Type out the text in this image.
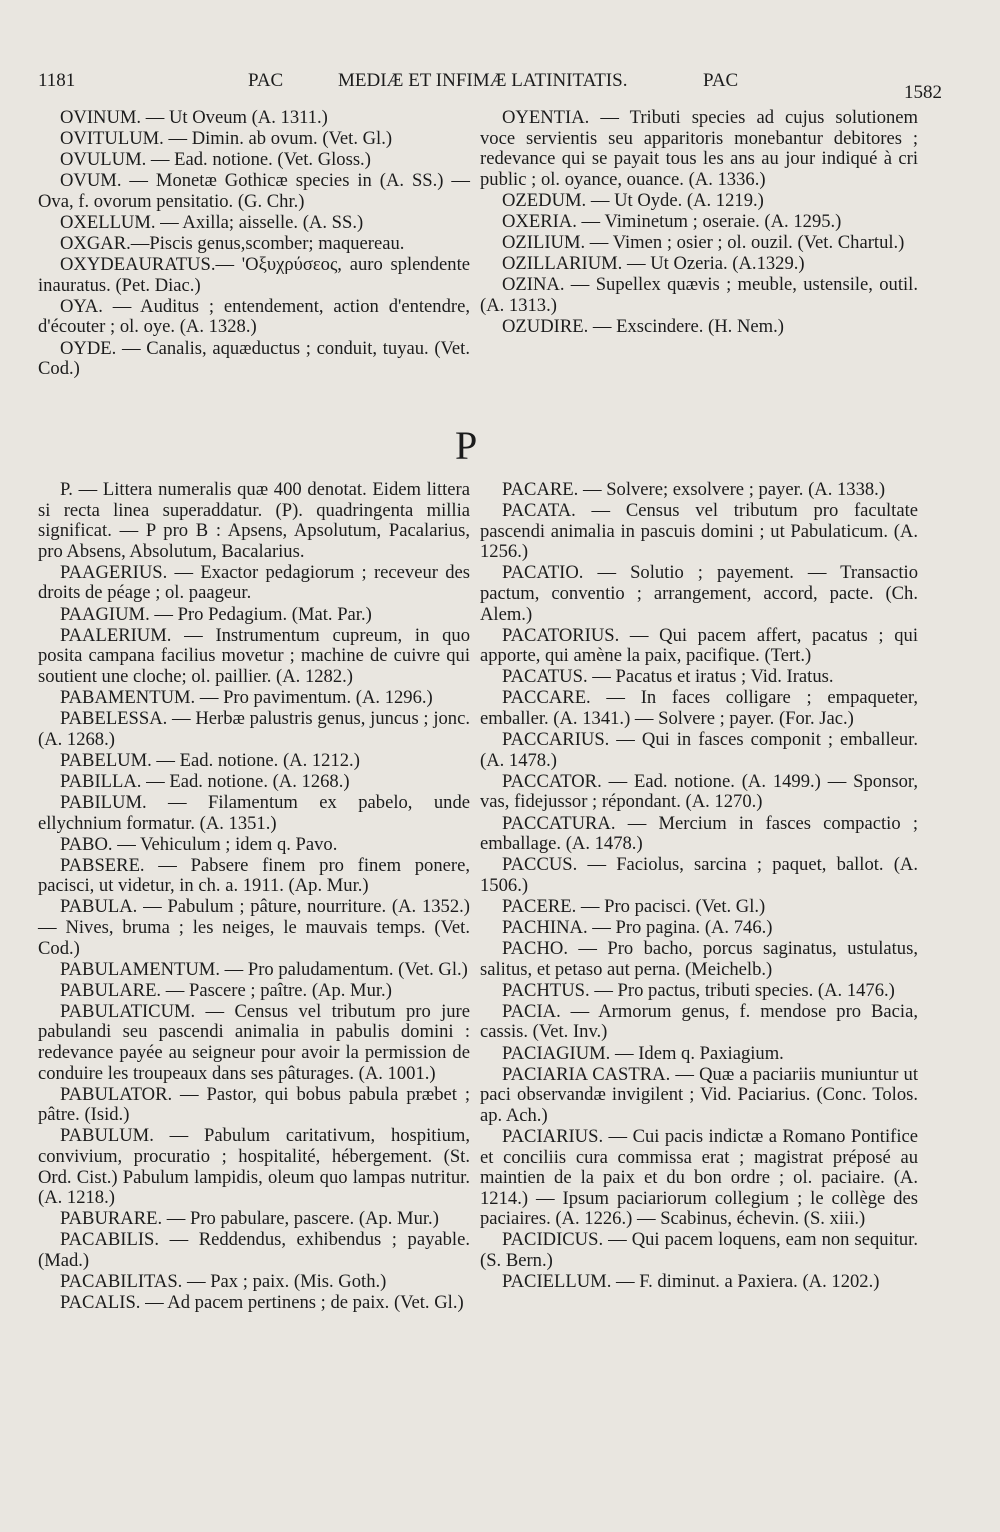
1181	PAC	MEDIÆ ET INFIMÆ LATINITATIS.	PAC
1582

OVINUM. — Ut Oveum (A. 1311.)

OVITULUM. — Dimin. ab ovum. (Vet. Gl.)

OVULUM. — Ead. notione. (Vet. Gloss.)

OVUM. — Monetæ Gothicæ species in (A. SS.) — Ova, f. ovorum pensitatio. (G. Chr.)

OXELLUM. — Axilla; aisselle. (A. SS.)

OXGAR.—Piscis genus,scomber; maquereau.

OXYDEAURATUS.— 'Οξυχρύσεος, auro splendente inauratus. (Pet. Diac.)

OYA. — Auditus ; entendement, action d'entendre, d'écouter ; ol. oye. (A. 1328.)

OYDE. — Canalis, aquæductus ; conduit, tuyau. (Vet. Cod.)

OYENTIA. — Tributi species ad cujus solutionem voce servientis seu apparitoris monebantur debitores ; redevance qui se payait tous les ans au jour indiqué à cri public ; ol. oyance, ouance. (A. 1336.)

OZEDUM. — Ut Oyde. (A. 1219.)

OXERIA. — Viminetum ; oseraie. (A. 1295.)

OZILIUM. — Vimen ; osier ; ol. ouzil. (Vet. Chartul.)

OZILLARIUM. — Ut Ozeria. (A.1329.)

OZINA. — Supellex quævis ; meuble, ustensile, outil. (A. 1313.)

OZUDIRE. — Exscindere. (H. Nem.)

P

P. — Littera numeralis quæ 400 denotat. Eidem littera si recta linea superaddatur. (P). quadringenta millia significat. — P pro B : Apsens, Apsolutum, Pacalarius, pro Absens, Absolutum, Bacalarius.

PAAGERIUS. — Exactor pedagiorum ; receveur des droits de péage ; ol. paageur.

PAAGIUM. — Pro Pedagium. (Mat. Par.)

PAALERIUM. — Instrumentum cupreum, in quo posita campana facilius movetur ; machine de cuivre qui soutient une cloche; ol. paillier. (A. 1282.)

PABAMENTUM. — Pro pavimentum. (A. 1296.)

PABELESSA. — Herbæ palustris genus, juncus ; jonc. (A. 1268.)

PABELUM. — Ead. notione. (A. 1212.)

PABILLA. — Ead. notione. (A. 1268.)

PABILUM. — Filamentum ex pabelo, unde ellychnium formatur. (A. 1351.)

PABO. — Vehiculum ; idem q. Pavo.

PABSERE. — Pabsere finem pro finem ponere, pacisci, ut videtur, in ch. a. 1911. (Ap. Mur.)

PABULA. — Pabulum ; pâture, nourriture. (A. 1352.) — Nives, bruma ; les neiges, le mauvais temps. (Vet. Cod.)

PABULAMENTUM. — Pro paludamentum. (Vet. Gl.)

PABULARE. — Pascere ; paître. (Ap. Mur.)

PABULATICUM. — Census vel tributum pro jure pabulandi seu pascendi animalia in pabulis domini : redevance payée au seigneur pour avoir la permission de conduire les troupeaux dans ses pâturages. (A. 1001.)

PABULATOR. — Pastor, qui bobus pabula præbet ; pâtre. (Isid.)

PABULUM. — Pabulum caritativum, hospitium, convivium, procuratio ; hospitalité, hébergement. (St. Ord. Cist.) Pabulum lampidis, oleum quo lampas nutritur. (A. 1218.)

PABURARE. — Pro pabulare, pascere. (Ap. Mur.)

PACABILIS. — Reddendus, exhibendus ; payable. (Mad.)

PACABILITAS. — Pax ; paix. (Mis. Goth.)

PACALIS. — Ad pacem pertinens ; de paix. (Vet. Gl.)

PACARE. — Solvere; exsolvere ; payer. (A. 1338.)

PACATA. — Census vel tributum pro facultate pascendi animalia in pascuis domini ; ut Pabulaticum. (A. 1256.)

PACATIO. — Solutio ; payement. — Transactio pactum, conventio ; arrangement, accord, pacte. (Ch. Alem.)

PACATORIUS. — Qui pacem affert, pacatus ; qui apporte, qui amène la paix, pacifique. (Tert.)

PACATUS. — Pacatus et iratus ; Vid. Iratus.

PACCARE. — In faces colligare ; empaqueter, emballer. (A. 1341.) — Solvere ; payer. (For. Jac.)

PACCARIUS. — Qui in fasces componit ; emballeur. (A. 1478.)

PACCATOR. — Ead. notione. (A. 1499.) — Sponsor, vas, fidejussor ; répondant. (A. 1270.)

PACCATURA. — Mercium in fasces compactio ; emballage. (A. 1478.)

PACCUS. — Faciolus, sarcina ; paquet, ballot. (A. 1506.)

PACERE. — Pro pacisci. (Vet. Gl.)

PACHINA. — Pro pagina. (A. 746.)

PACHO. — Pro bacho, porcus saginatus, ustulatus, salitus, et petaso aut perna. (Meichelb.)

PACHTUS. — Pro pactus, tributi species. (A. 1476.)

PACIA. — Armorum genus, f. mendose pro Bacia, cassis. (Vet. Inv.)

PACIAGIUM. — Idem q. Paxiagium.

PACIARIA CASTRA. — Quæ a paciariis muniuntur ut paci observandæ invigilent ; Vid. Paciarius. (Conc. Tolos. ap. Ach.)

PACIARIUS. — Cui pacis indictæ a Romano Pontifice et conciliis cura commissa erat ; magistrat préposé au maintien de la paix et du bon ordre ; ol. paciaire. (A. 1214.) — Ipsum paciariorum collegium ; le collège des paciaires. (A. 1226.) — Scabinus, échevin. (S. xiii.)

PACIDICUS. — Qui pacem loquens, eam non sequitur. (S. Bern.)

PACIELLUM. — F. diminut. a Paxiera. (A. 1202.)
